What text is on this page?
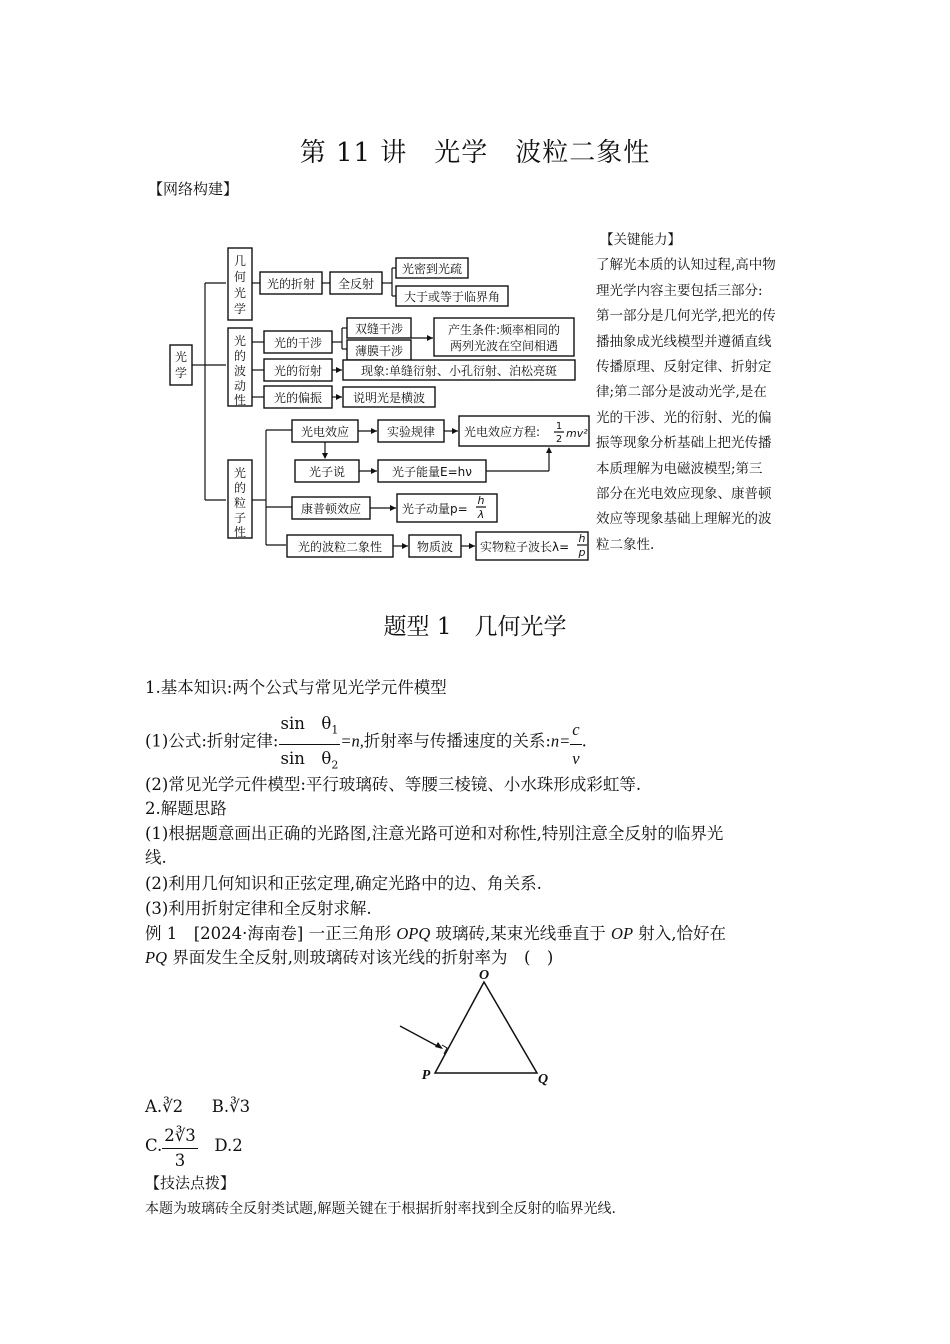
第 11 讲　光学　波粒二象性
【网络构建】
光
学
几
何
光
学
光
的
波
动
性
光
的
粒
子
性
光的折射 全反射
光密到光疏
大于或等于临界角
光的干涉
双缝干涉
薄膜干涉
产生条件:频率相同的
两列光波在空间相遇
光的衍射	现象:单缝衍射、小孔衍射、泊松亮斑
光的偏振	说明光是横波
光电效应	实验规律 光电效应方程: 1
2 mv²
光子说	光子能量E=hν
康普顿效应	光子动量p=
h
λ
光的波粒二象性	物质波 实物粒子波长λ=
h
p
【关键能力】
了解光本质的认知过程,高中物理光学内容主要包括三部分:第一部分是几何光学,把光的传播抽象成光线模型并遵循直线传播原理、反射定律、折射定律;第二部分是波动光学,是在光的干涉、光的衍射、光的偏振等现象分析基础上把光传播本质理解为电磁波模型;第三部分在光电效应现象、康普顿效应等现象基础上理解光的波粒二象性.
题型 1　几何光学
1.基本知识:两个公式与常见光学元件模型
(1)公式:折射定律: $\frac{\sin \theta_1}{\sin \theta_2} =n$,折射率与传播速度的关系:n= $\frac{c}{v}$ .
(2)常见光学元件模型:平行玻璃砖、等腰三棱镜、小水珠形成彩虹等.
2.解题思路
(1)根据题意画出正确的光路图,注意光路可逆和对称性,特别注意全反射的临界光
线.
(2)利用几何知识和正弦定理,确定光路中的边、角关系.
(3)利用折射定律和全反射求解.
例 1　[2024·海南卷] 一正三角形 OPQ 玻璃砖,某束光线垂直于 OP 射入,恰好在
PQ 界面发生全反射,则玻璃砖对该光线的折射率为　(　)
O
P	Q
A.∛2 B.∛3
C. $\frac{2∛3}{3} D.2$
【技法点拨】
本题为玻璃砖全反射类试题,解题关键在于根据折射率找到全反射的临界光线.
